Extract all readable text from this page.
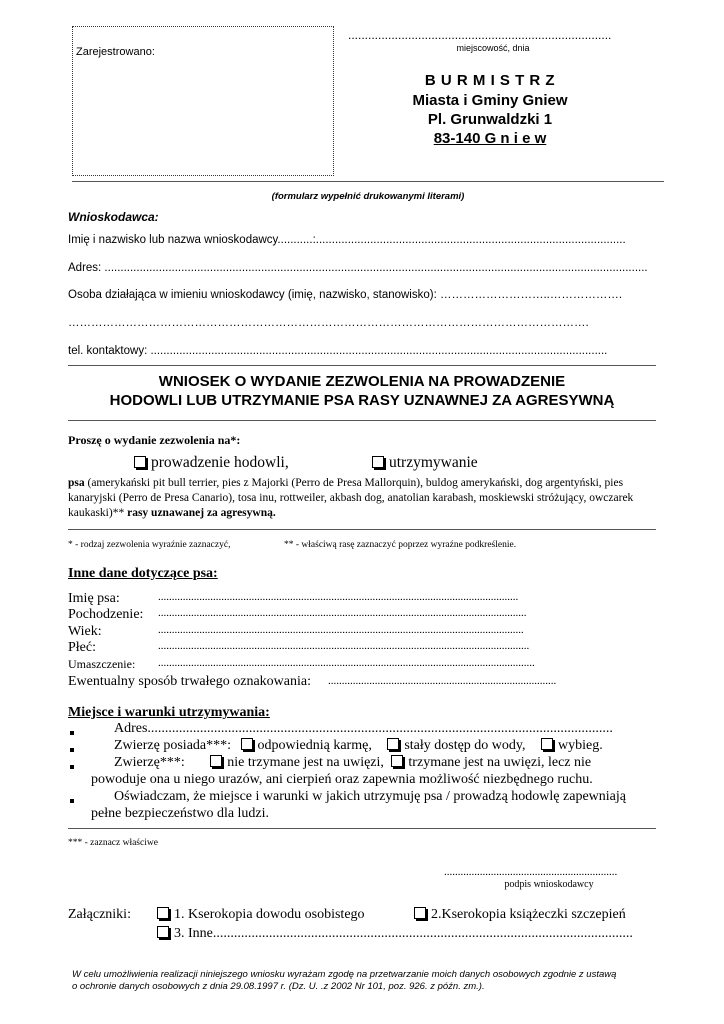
Zarejestrowano:
...............................................................................
miejscowość, dnia
B U R M I S T R Z
Miasta i Gminy Gniew
Pl. Grunwaldzki 1
83-140 G n i e w
(formularz wypełnić drukowanymi literami)
Wnioskodawca:
Imię i nazwisko lub nazwa wnioskodawcy...........:.................................................................................................
Adres: ..........................................................................................................................................................................
Osoba działająca w imieniu wnioskodawcy (imię, nazwisko, stanowisko): ………………………..……………….
……………………………………………………………………………………………………………………….
tel. kontaktowy: ...............................................................................................................................................
WNIOSEK O WYDANIE ZEZWOLENIA NA PROWADZENIE
HODOWLI LUB UTRZYMANIE PSA RASY UZNAWNEJ ZA AGRESYWNĄ
Proszę o wydanie zezwolenia na*:
prowadzenie hodowli,	utrzymywanie
psa (amerykański pit bull terrier, pies z Majorki (Perro de Presa Mallorquin), buldog amerykański, dog argentyński, pies kanaryjski (Perro de Presa Canario), tosa inu, rottweiler, akbash dog, anatolian karabash, moskiewski stróżujący, owczarek kaukaski)** rasy uznawanej za agresywną.
* - rodzaj zezwolenia wyraźnie zaznaczyć,	** - właściwą rasę zaznaczyć poprzez wyraźne podkreślenie.
Inne dane dotyczące psa:
Imię psa:	...................................................................................................................................
Pochodzenie: ......................................................................................................................................
Wiek:	.....................................................................................................................................
Płeć:	.......................................................................................................................................
Umaszczenie: .........................................................................................................................................
Ewentualny sposób trwałego oznakowania: ...................................................................................
Miejsce i warunki utrzymywania:
Adres.....................................................................................................................................
Zwierzę posiada***: odpowiednią karmę, stały dostęp do wody, wybieg.
Zwierzę***:	nie trzymane jest na uwięzi, trzymane jest na uwięzi, lecz nie
powoduje ona u niego urazów, ani cierpień oraz zapewnia możliwość niezbędnego ruchu.
Oświadczam, że miejsce i warunki w jakich utrzymuję psa / prowadzą hodowlę zapewniają
pełne bezpieczeństwo dla ludzi.
*** - zaznacz właściwe
...............................................................
podpis wnioskodawcy
Załączniki:	1. Kserokopia dowodu osobistego	2.Kserokopia książeczki szczepień
3. Inne........................................................................................................................
W celu umożliwienia realizacji niniejszego wniosku wyrażam zgodę na przetwarzanie moich danych osobowych zgodnie z ustawą
o ochronie danych osobowych z dnia 29.08.1997 r. (Dz. U. .z 2002 Nr 101, poz. 926. z późn. zm.).
